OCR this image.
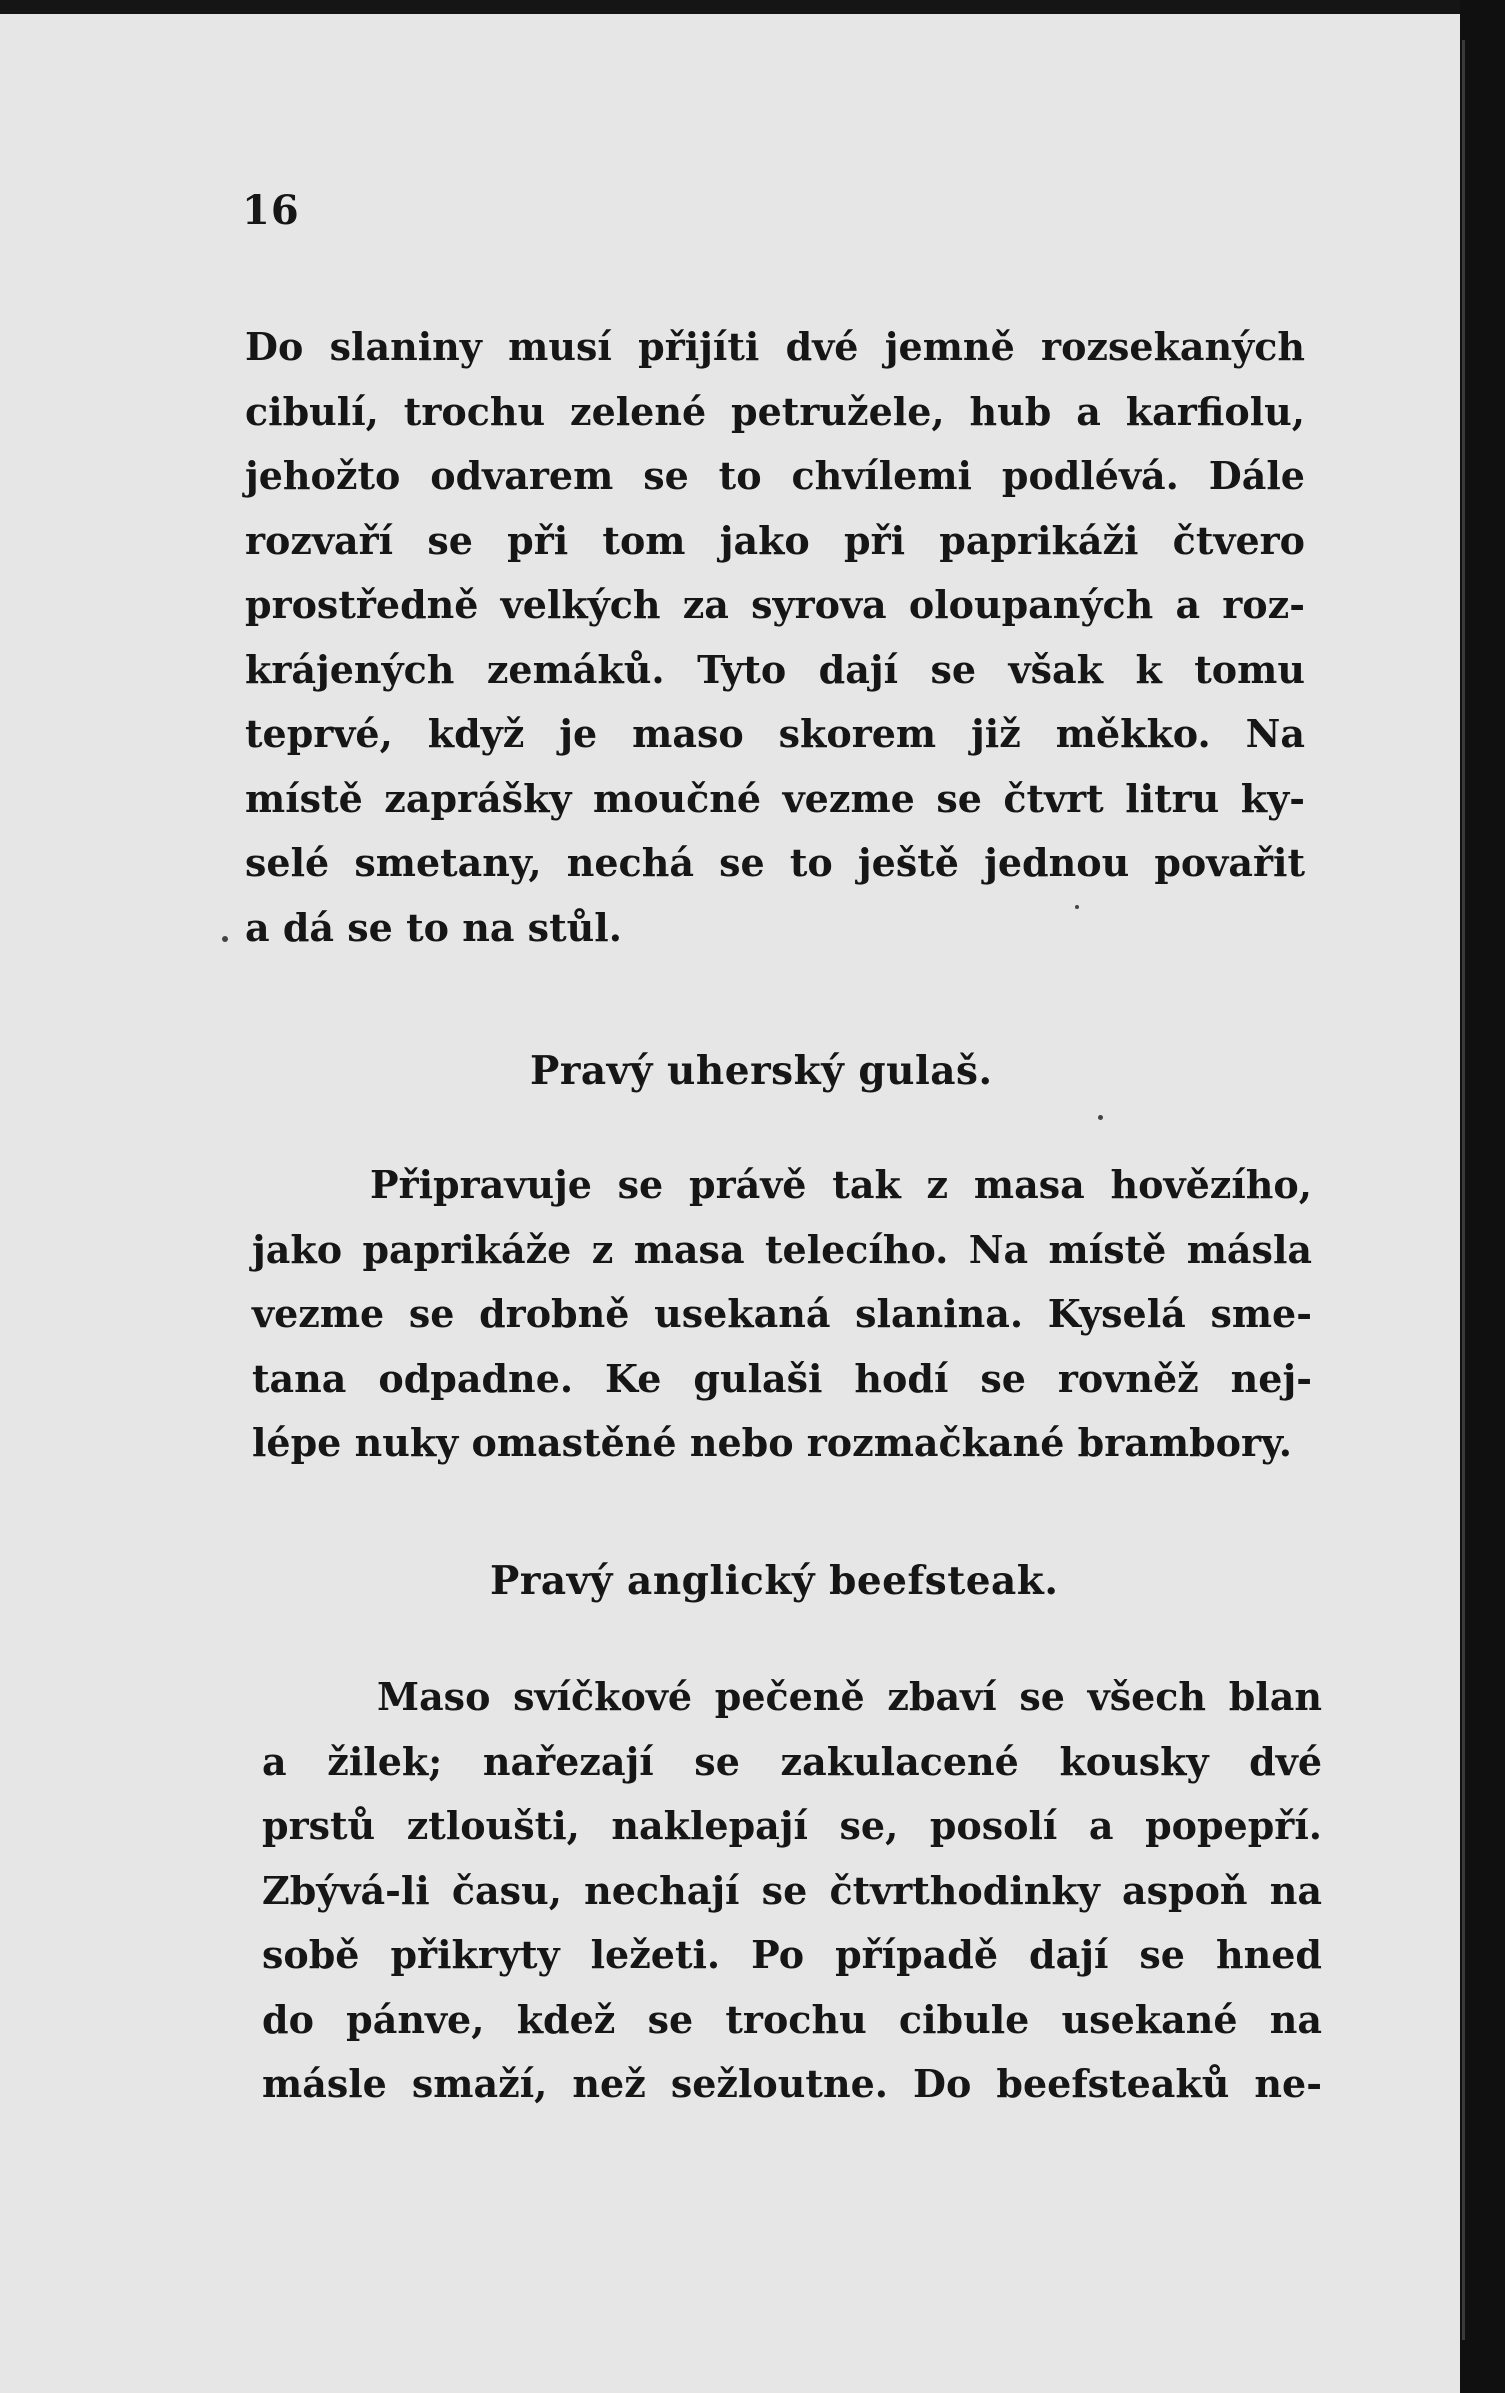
16
Do slaniny musí přijíti dvé jemně rozsekaných
cibulí, trochu zelené petružele, hub a karfiolu,
jehožto odvarem se to chvílemi podlévá. Dále
rozvaří se při tom jako při paprikáži čtvero
prostředně velkých za syrova oloupaných a roz-
krájených zemáků. Tyto dají se však k tomu
teprvé, když je maso skorem již měkko. Na
místě zaprášky moučné vezme se čtvrt litru ky-
selé smetany, nechá se to ještě jednou povařit
a dá se to na stůl.
Pravý uherský gulaš.
Připravuje se právě tak z masa hovězího,
jako paprikáže z masa telecího. Na místě másla
vezme se drobně usekaná slanina. Kyselá sme-
tana odpadne. Ke gulaši hodí se rovněž nej-
lépe nuky omastěné nebo rozmačkané brambory.
Pravý anglický beefsteak.
Maso svíčkové pečeně zbaví se všech blan
a žilek; nařezají se zakulacené kousky dvé
prstů ztloušti, naklepají se, posolí a popepří.
Zbývá-li času, nechají se čtvrthodinky aspoň na
sobě přikryty ležeti. Po případě dají se hned
do pánve, kdež se trochu cibule usekané na
másle smaží, než sežloutne. Do beefsteaků ne-
